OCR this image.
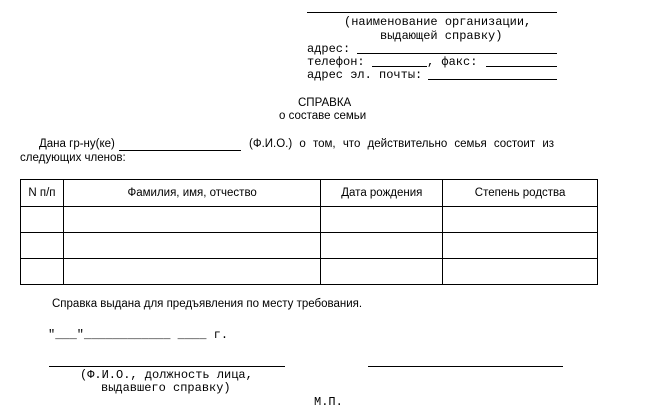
(наименование организации,
выдающей справку)
адрес:
телефон:	, факс:
адрес эл. почты:
СПРАВКА
о составе семьи
Дана гр-ну(ке)	(Ф.И.О.) о том, что действительно семья состоит из
следующих членов:
N п/п	Фамилия, имя, отчество	Дата рождения	Степень родства

Справка выдана для предъявления по месту требования.
"___"____________ ____ г.
(Ф.И.О., должность лица,
выдавшего справку)
М.П.
